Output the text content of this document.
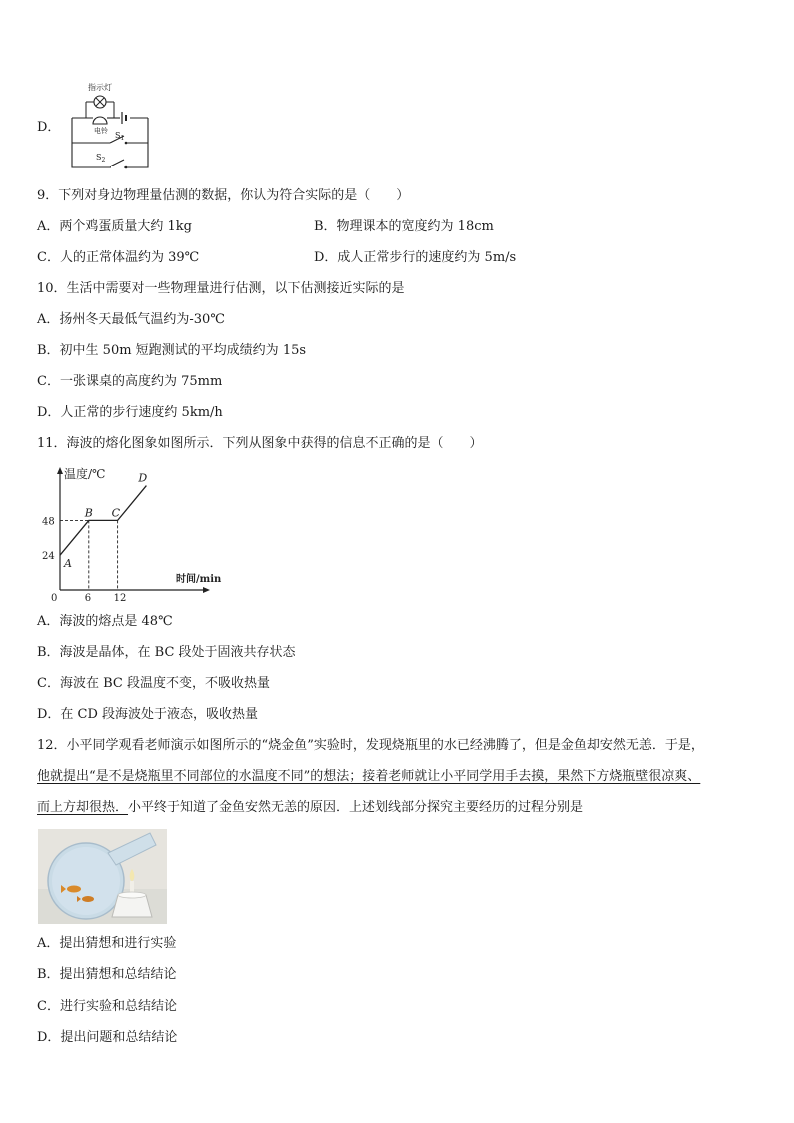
D．
指示灯
电铃 $S_1$
$S_2$
9．下列对身边物理量估测的数据，你认为符合实际的是（　　）
A．两个鸡蛋质量大约 1kg	B．物理课本的宽度约为 18cm
C．人的正常体温约为 39℃	D．成人正常步行的速度约为 5m/s
10．生活中需要对一些物理量进行估测，以下估测接近实际的是
A．扬州冬天最低气温约为-30℃
B．初中生 50m 短跑测试的平均成绩约为 15s
C．一张课桌的高度约为 75mm
D．人正常的步行速度约 5km/h
11．海波的熔化图象如图所示．下列从图象中获得的信息不正确的是（　　）
温度/℃
时间/min
0	6 12
24
48
A
B C
D
A．海波的熔点是 48℃
B．海波是晶体，在 BC 段处于固液共存状态
C．海波在 BC 段温度不变，不吸收热量
D．在 CD 段海波处于液态，吸收热量
12．小平同学观看老师演示如图所示的“烧金鱼”实验时，发现烧瓶里的水已经沸腾了，但是金鱼却安然无恙．于是，
他就提出“是不是烧瓶里不同部位的水温度不同”的想法；接着老师就让小平同学用手去摸，果然下方烧瓶壁很凉爽、
而上方却很热．小平终于知道了金鱼安然无恙的原因．上述划线部分探究主要经历的过程分别是
A．提出猜想和进行实验
B．提出猜想和总结结论
C．进行实验和总结结论
D．提出问题和总结结论
